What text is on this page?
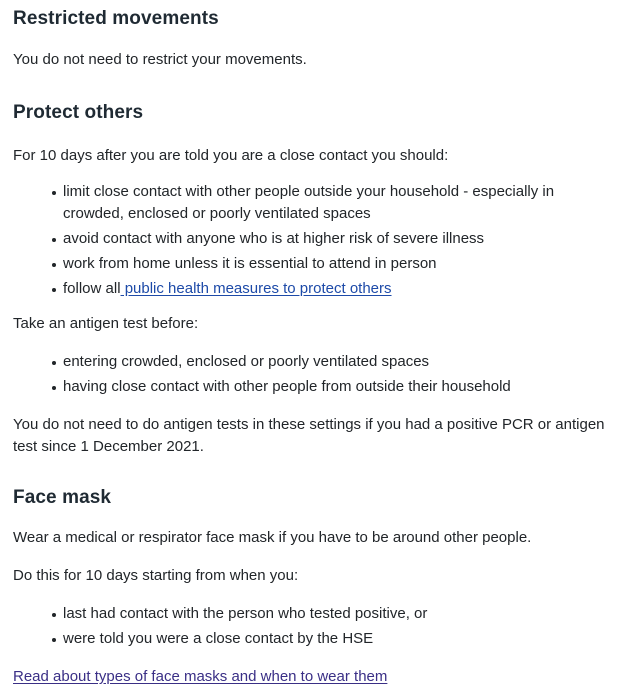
Restricted movements

You do not need to restrict your movements.

Protect others

For 10 days after you are told you are a close contact you should:

limit close contact with other people outside your household - especially in crowded, enclosed or poorly ventilated spaces
avoid contact with anyone who is at higher risk of severe illness
work from home unless it is essential to attend in person
follow all public health measures to protect others

Take an antigen test before:

entering crowded, enclosed or poorly ventilated spaces
having close contact with other people from outside their household

You do not need to do antigen tests in these settings if you had a positive PCR or antigen test since 1 December 2021.

Face mask

Wear a medical or respirator face mask if you have to be around other people.

Do this for 10 days starting from when you:

last had contact with the person who tested positive, or
were told you were a close contact by the HSE

Read about types of face masks and when to wear them
